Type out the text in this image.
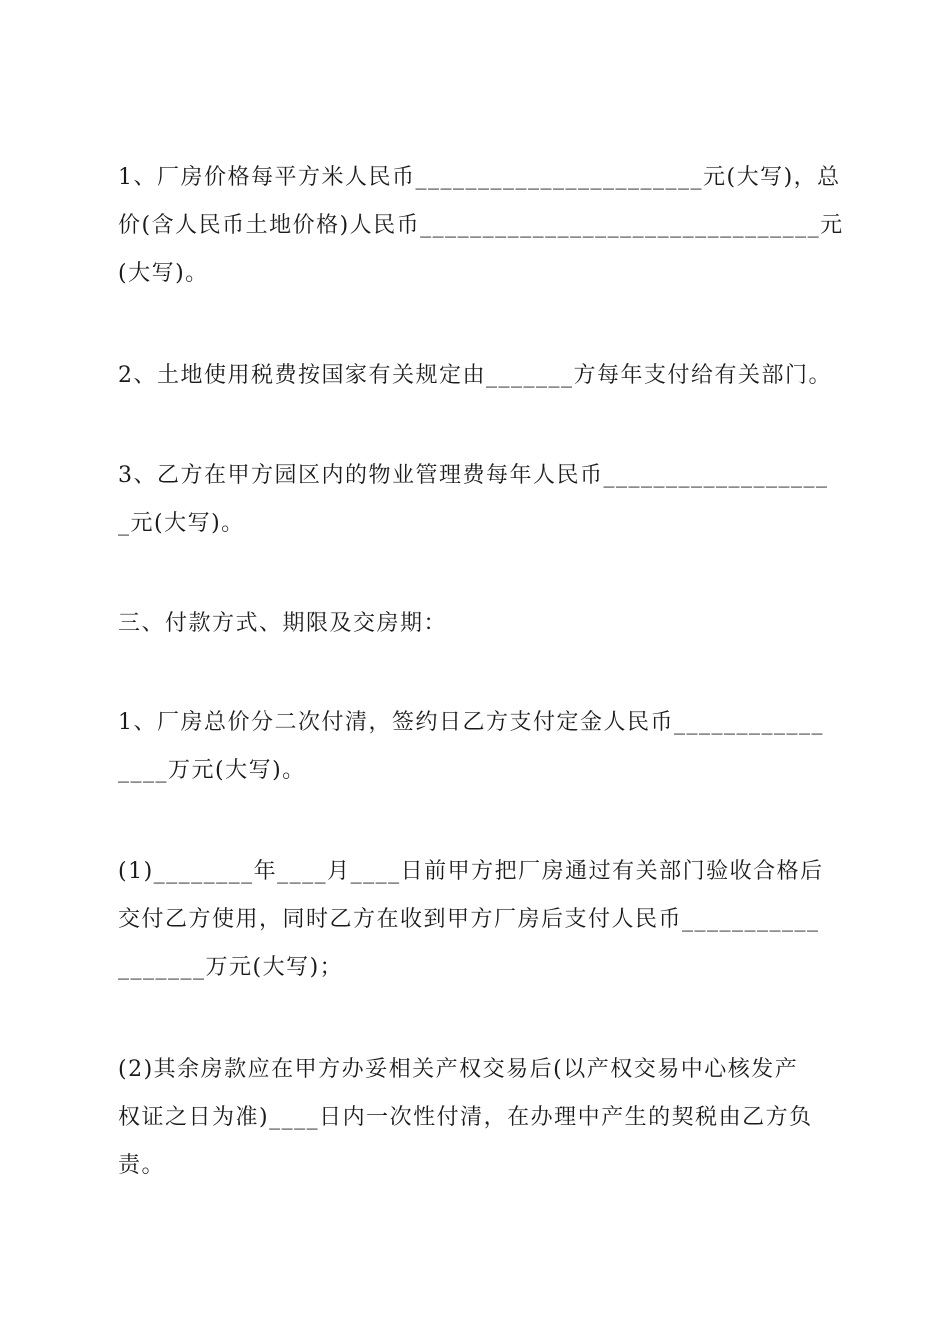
1、厂房价格每平方米人民币_______________________元(大写)，总
价(含人民币土地价格)人民币________________________________元
(大写)。
2、土地使用税费按国家有关规定由_______方每年支付给有关部门。
3、乙方在甲方园区内的物业管理费每年人民币__________________
_元(大写)。
三、付款方式、期限及交房期：
1、厂房总价分二次付清，签约日乙方支付定金人民币____________
____万元(大写)。
(1)________年____月____日前甲方把厂房通过有关部门验收合格后
交付乙方使用，同时乙方在收到甲方厂房后支付人民币___________
_______万元(大写)；
(2)其余房款应在甲方办妥相关产权交易后(以产权交易中心核发产
权证之日为准)____日内一次性付清，在办理中产生的契税由乙方负
责。
